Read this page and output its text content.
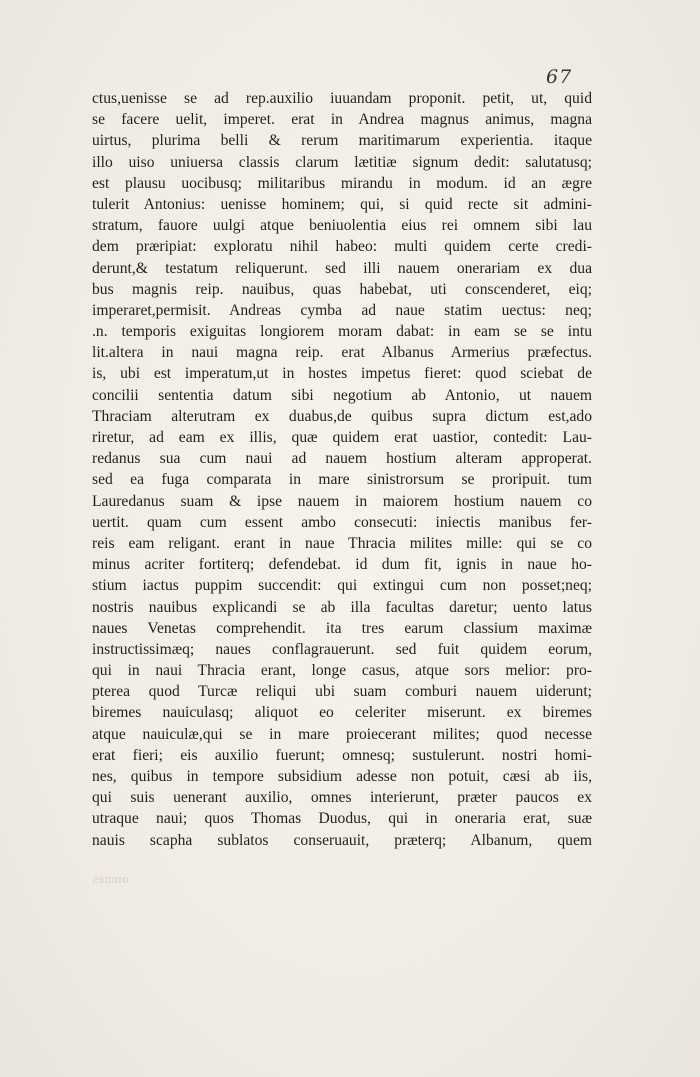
67
ctus,uenisse se ad rep.auxilio iuuandam proponit. petit, ut, quid
se facere uelit, imperet. erat in Andrea magnus animus, magna
uirtus, plurima belli & rerum maritimarum experientia. itaque
illo uiso uniuersa classis clarum lætitiæ signum dedit: salutatusq;
est plausu uocibusq; militaribus mirandu in modum. id an ægre
tulerit Antonius: uenisse hominem; qui, si quid recte sit admini-
stratum, fauore uulgi atque beniuolentia eius rei omnem sibi lau
dem præripiat: exploratu nihil habeo: multi quidem certe credi-
derunt,& testatum reliquerunt. sed illi nauem onerariam ex dua
bus magnis reip. nauibus, quas habebat, uti conscenderet, eiq;
imperaret,permisit. Andreas cymba ad naue statim uectus: neq;
.n. temporis exiguitas longiorem moram dabat: in eam se se intu
lit.altera in naui magna reip. erat Albanus Armerius præfectus.
is, ubi est imperatum,ut in hostes impetus fieret: quod sciebat de
concilii sententia datum sibi negotium ab Antonio, ut nauem
Thraciam alterutram ex duabus,de quibus supra dictum est,ado
riretur, ad eam ex illis, quæ quidem erat uastior, contedit: Lau-
redanus sua cum naui ad nauem hostium alteram approperat.
sed ea fuga comparata in mare sinistrorsum se proripuit. tum
Lauredanus suam & ipse nauem in maiorem hostium nauem co
uertit. quam cum essent ambo consecuti: iniectis manibus fer-
reis eam religant. erant in naue Thracia milites mille: qui se co
minus acriter fortiterq; defendebat. id dum fit, ignis in naue ho-
stium iactus puppim succendit: qui extingui cum non posset;neq;
nostris nauibus explicandi se ab illa facultas daretur; uento latus
naues Venetas comprehendit. ita tres earum classium maximæ
instructissimæq; naues conflagrauerunt. sed fuit quidem eorum,
qui in naui Thracia erant, longe casus, atque sors melior: pro-
pterea quod Turcæ reliqui ubi suam comburi nauem uiderunt;
biremes nauiculasq; aliquot eo celeriter miserunt. ex biremes
atque nauiculæ,qui se in mare proiecerant milites; quod necesse
erat fieri; eis auxilio fuerunt; omnesq; sustulerunt. nostri homi-
nes, quibus in tempore subsidium adesse non potuit, cæsi ab iis,
qui suis uenerant auxilio, omnes interierunt, præter paucos ex
utraque naui; quos Thomas Duodus, qui in oneraria erat, suæ
nauis scapha sublatos conseruauit, præterq; Albanum, quem
omnes
